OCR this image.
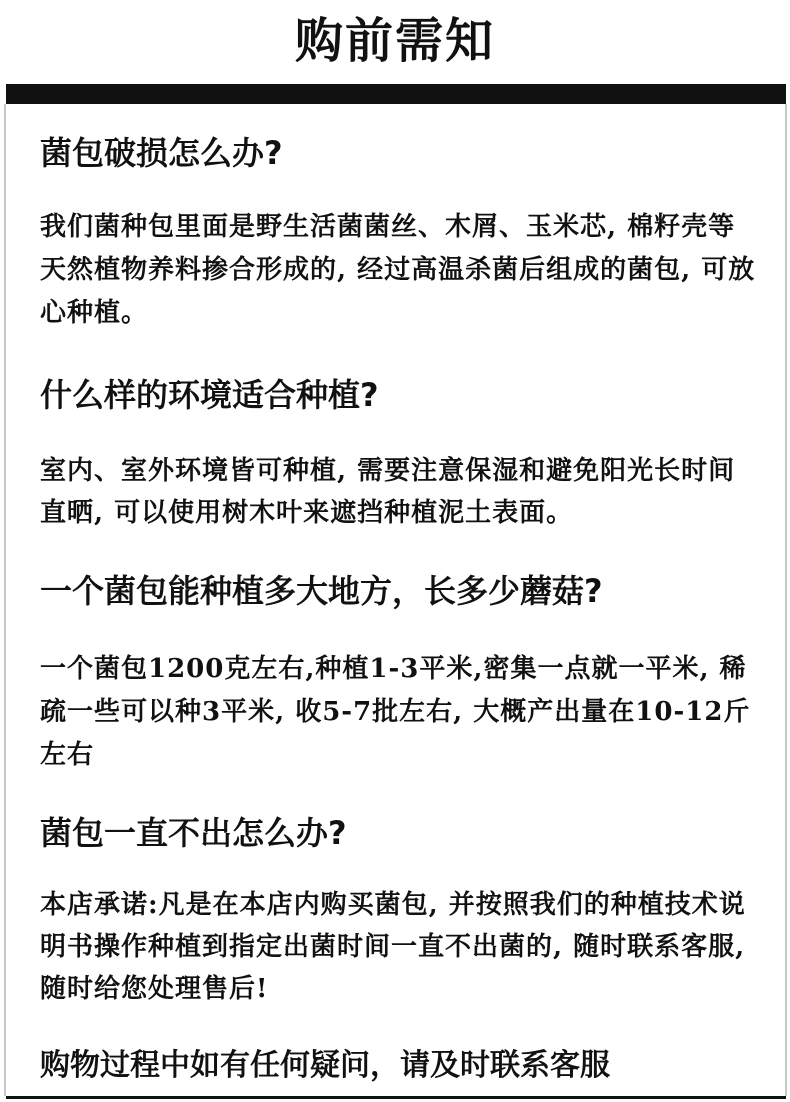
购前需知
菌包破损怎么办?
我们菌种包里面是野生活菌菌丝、木屑、玉米芯, 棉籽壳等天然植物养料掺合形成的, 经过高温杀菌后组成的菌包, 可放心种植。
什么样的环境适合种植?
室内、室外环境皆可种植, 需要注意保湿和避免阳光长时间直晒, 可以使用树木叶来遮挡种植泥土表面。
一个菌包能种植多大地方，长多少蘑菇?
一个菌包1200克左右,种植1-3平米,密集一点就一平米, 稀疏一些可以种3平米, 收5-7批左右, 大概产出量在10-12斤左右
菌包一直不出怎么办?
本店承诺:凡是在本店内购买菌包, 并按照我们的种植技术说明书操作种植到指定出菌时间一直不出菌的, 随时联系客服, 随时给您处理售后!
购物过程中如有任何疑问，请及时联系客服
